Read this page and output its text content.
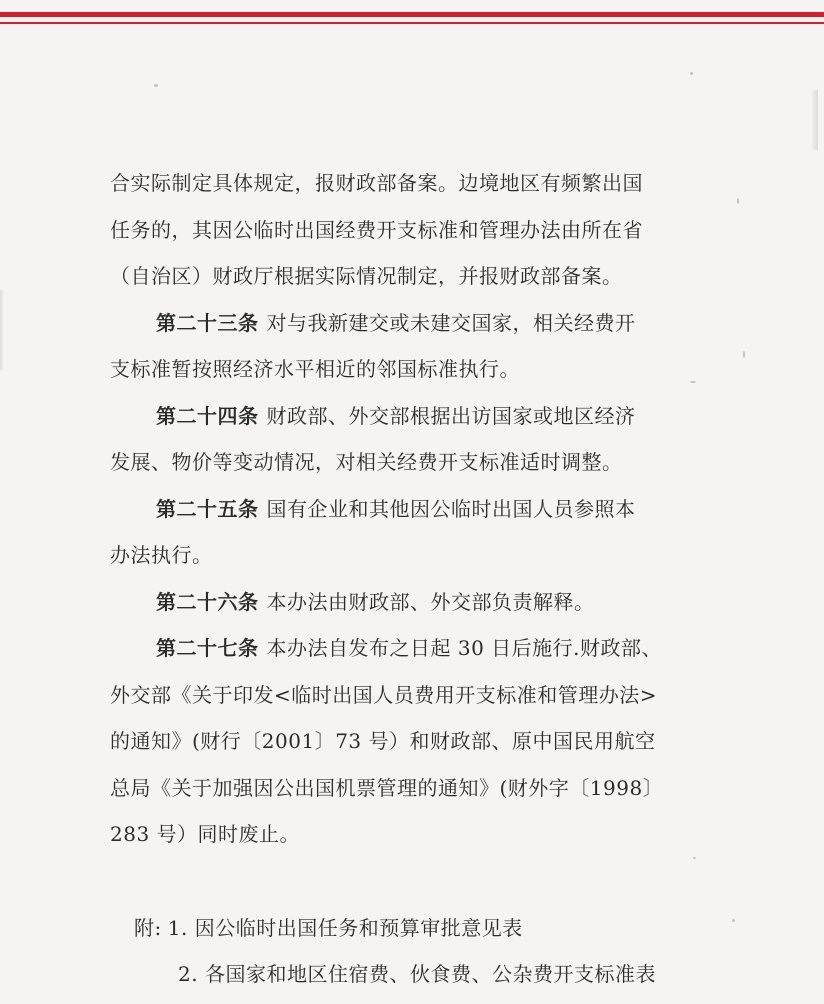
合实际制定具体规定，报财政部备案。边境地区有频繁出国
任务的，其因公临时出国经费开支标准和管理办法由所在省
（自治区）财政厅根据实际情况制定，并报财政部备案。
第二十三条 对与我新建交或未建交国家，相关经费开
支标准暂按照经济水平相近的邻国标准执行。
第二十四条 财政部、外交部根据出访国家或地区经济
发展、物价等变动情况，对相关经费开支标准适时调整。
第二十五条 国有企业和其他因公临时出国人员参照本
办法执行。
第二十六条 本办法由财政部、外交部负责解释。
第二十七条 本办法自发布之日起 30 日后施行.财政部、
外交部《关于印发<临时出国人员费用开支标准和管理办法>
的通知》(财行〔2001〕73 号）和财政部、原中国民用航空
总局《关于加强因公出国机票管理的通知》(财外字〔1998〕
283 号）同时废止。
附: 1. 因公临时出国任务和预算审批意见表
2. 各国家和地区住宿费、伙食费、公杂费开支标准表
